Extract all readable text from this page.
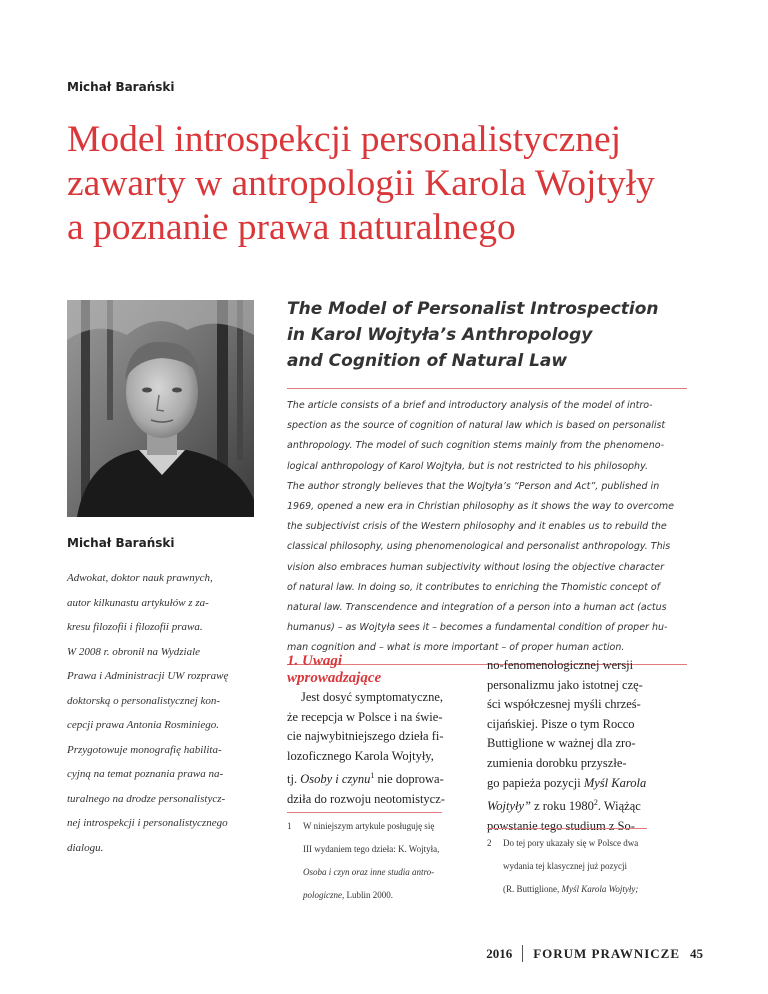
Michał Barański
Model introspekcji personalistycznej
zawarty w antropologii Karola Wojtyły
a poznanie prawa naturalnego
Michał Barański
Adwokat, doktor nauk prawnych,
autor kilkunastu artykułów z za-
kresu filozofii i filozofii prawa.
W 2008 r. obronił na Wydziale
Prawa i Administracji UW rozprawę
doktorską o personalistycznej kon-
cepcji prawa Antonia Rosminiego.
Przygotowuje monografię habilita-
cyjną na temat poznania prawa na-
turalnego na drodze personalistycz-
nej introspekcji i personalistycznego
dialogu.
The Model of Personalist Introspection
in Karol Wojtyła’s Anthropology
and Cognition of Natural Law
The article consists of a brief and introductory analysis of the model of intro-
spection as the source of cognition of natural law which is based on personalist
anthropology. The model of such cognition stems mainly from the phenomeno-
logical anthropology of Karol Wojtyła, but is not restricted to his philosophy.
The author strongly believes that the Wojtyła’s “Person and Act”, published in
1969, opened a new era in Christian philosophy as it shows the way to overcome
the subjectivist crisis of the Western philosophy and it enables us to rebuild the
classical philosophy, using phenomenological and personalist anthropology. This
vision also embraces human subjectivity without losing the objective character
of natural law. In doing so, it contributes to enriching the Thomistic concept of
natural law. Transcendence and integration of a person into a human act (actus
humanus) – as Wojtyła sees it – becomes a fundamental condition of proper hu-
man cognition and – what is more important – of proper human action.
1. Uwagi
wprowadzające
Jest dosyć symptomatyczne,
że recepcja w Polsce i na świe-
cie najwybitniejszego dzieła fi-
lozoficznego Karola Wojtyły,
tj. Osoby i czynu$^1$ nie doprowa-
dziła do rozwoju neotomistycz-
no-fenomenologicznej wersji
personalizmu jako istotnej czę-
ści współczesnej myśli chrześ-
cijańskiej. Pisze o tym Rocco
Buttiglione w ważnej dla zro-
zumienia dorobku przyszłe-
go papieża pozycji Myśl Karola
Wojtyły” z roku 1980$^2$. Wiążąc
powstanie tego studium z So-
1 W niniejszym artykule posługuję się
III wydaniem tego dzieła: K. Wojtyła,
Osoba i czyn oraz inne studia antro-
pologiczne, Lublin 2000.
2 Do tej pory ukazały się w Polsce dwa
wydania tej klasycznej już pozycji
(R. Buttiglione, Myśl Karola Wojtyły;
2016 FORUM PRAWNICZE 45
